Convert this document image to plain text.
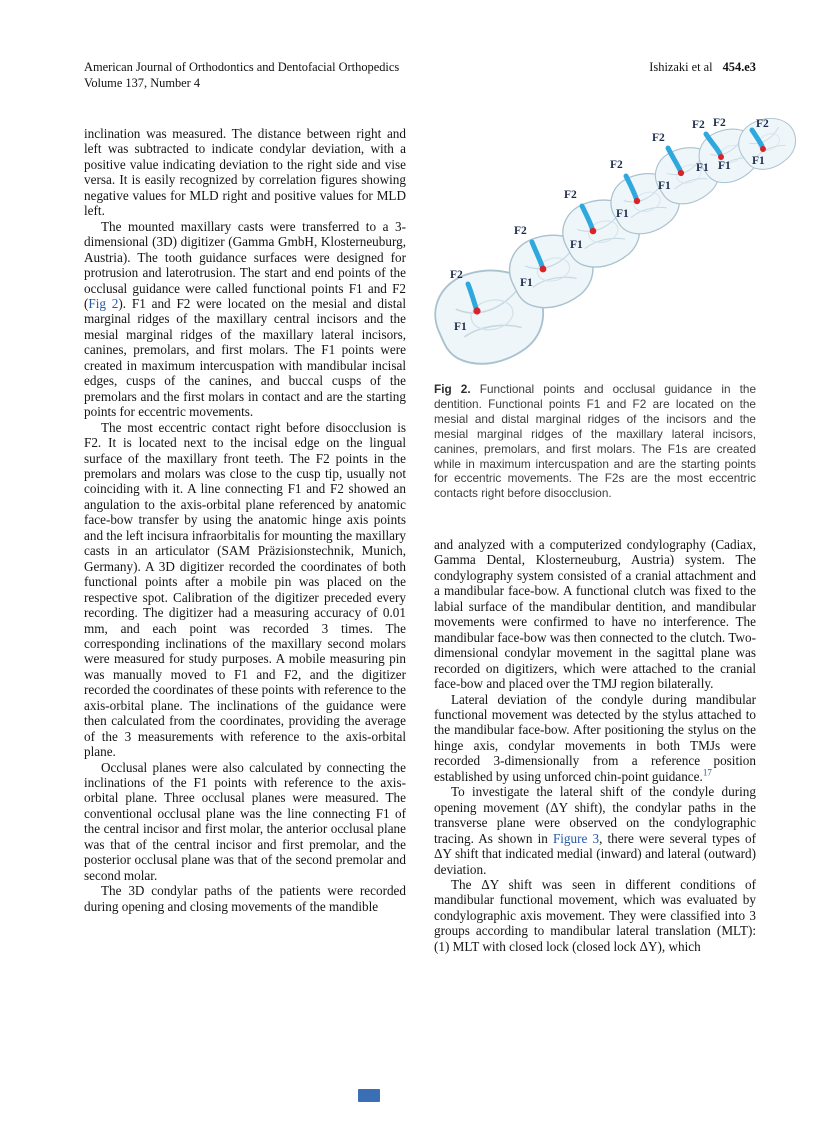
American Journal of Orthodontics and Dentofacial Orthopedics
Volume 137, Number 4
Ishizaki et al 454.e3

inclination was measured. The distance between right and left was subtracted to indicate condylar deviation, with a positive value indicating deviation to the right side and vise versa. It is easily recognized by correlation figures showing negative values for MLD right and positive values for MLD left.

The mounted maxillary casts were transferred to a 3-dimensional (3D) digitizer (Gamma GmbH, Klosterneuburg, Austria). The tooth guidance surfaces were designed for protrusion and laterotrusion. The start and end points of the occlusal guidance were called functional points F1 and F2 (Fig 2). F1 and F2 were located on the mesial and distal marginal ridges of the maxillary central incisors and the mesial marginal ridges of the maxillary lateral incisors, canines, premolars, and first molars. The F1 points were created in maximum intercuspation with mandibular incisal edges, cusps of the canines, and buccal cusps of the premolars and the first molars in contact and are the starting points for eccentric movements.

The most eccentric contact right before disocclusion is F2. It is located next to the incisal edge on the lingual surface of the maxillary front teeth. The F2 points in the premolars and molars was close to the cusp tip, usually not coinciding with it. A line connecting F1 and F2 showed an angulation to the axis-orbital plane referenced by anatomic face-bow transfer by using the anatomic hinge axis points and the left incisura infraorbitalis for mounting the maxillary casts in an articulator (SAM Präzisionstechnik, Munich, Germany). A 3D digitizer recorded the coordinates of both functional points after a mobile pin was placed on the respective spot. Calibration of the digitizer preceded every recording. The digitizer had a measuring accuracy of 0.01 mm, and each point was recorded 3 times. The corresponding inclinations of the maxillary second molars were measured for study purposes. A mobile measuring pin was manually moved to F1 and F2, and the digitizer recorded the coordinates of these points with reference to the axis-orbital plane. The inclinations of the guidance were then calculated from the coordinates, providing the average of the 3 measurements with reference to the axis-orbital plane.

Occlusal planes were also calculated by connecting the inclinations of the F1 points with reference to the axis-orbital plane. Three occlusal planes were measured. The conventional occlusal plane was the line connecting F1 of the central incisor and first molar, the anterior occlusal plane was that of the central incisor and first premolar, and the posterior occlusal plane was that of the second premolar and second molar.

The 3D condylar paths of the patients were recorded during opening and closing movements of the mandible

F2
F1
F2
F1
F2
F1
F2
F1
F2
F1
F2
F1
F2
F1
F2
F1
Fig 2. Functional points and occlusal guidance in the dentition. Functional points F1 and F2 are located on the mesial and distal marginal ridges of the incisors and the mesial marginal ridges of the maxillary lateral incisors, canines, premolars, and first molars. The F1s are created while in maximum intercuspation and are the starting points for eccentric movements. The F2s are the most eccentric contacts right before disocclusion.

and analyzed with a computerized condylography (Cadiax, Gamma Dental, Klosterneuburg, Austria) system. The condylography system consisted of a cranial attachment and a mandibular face-bow. A functional clutch was fixed to the labial surface of the mandibular dentition, and mandibular movements were confirmed to have no interference. The mandibular face-bow was then connected to the clutch. Two-dimensional condylar movement in the sagittal plane was recorded on digitizers, which were attached to the cranial face-bow and placed over the TMJ region bilaterally.

Lateral deviation of the condyle during mandibular functional movement was detected by the stylus attached to the mandibular face-bow. After positioning the stylus on the hinge axis, condylar movements in both TMJs were recorded 3-dimensionally from a reference position established by using unforced chin-point guidance.$^{17}$

To investigate the lateral shift of the condyle during opening movement (ΔY shift), the condylar paths in the transverse plane were observed on the condylographic tracing. As shown in Figure 3, there were several types of ΔY shift that indicated medial (inward) and lateral (outward) deviation.

The ΔY shift was seen in different conditions of mandibular functional movement, which was evaluated by condylographic axis movement. They were classified into 3 groups according to mandibular lateral translation (MLT): (1) MLT with closed lock (closed lock ΔY), which
